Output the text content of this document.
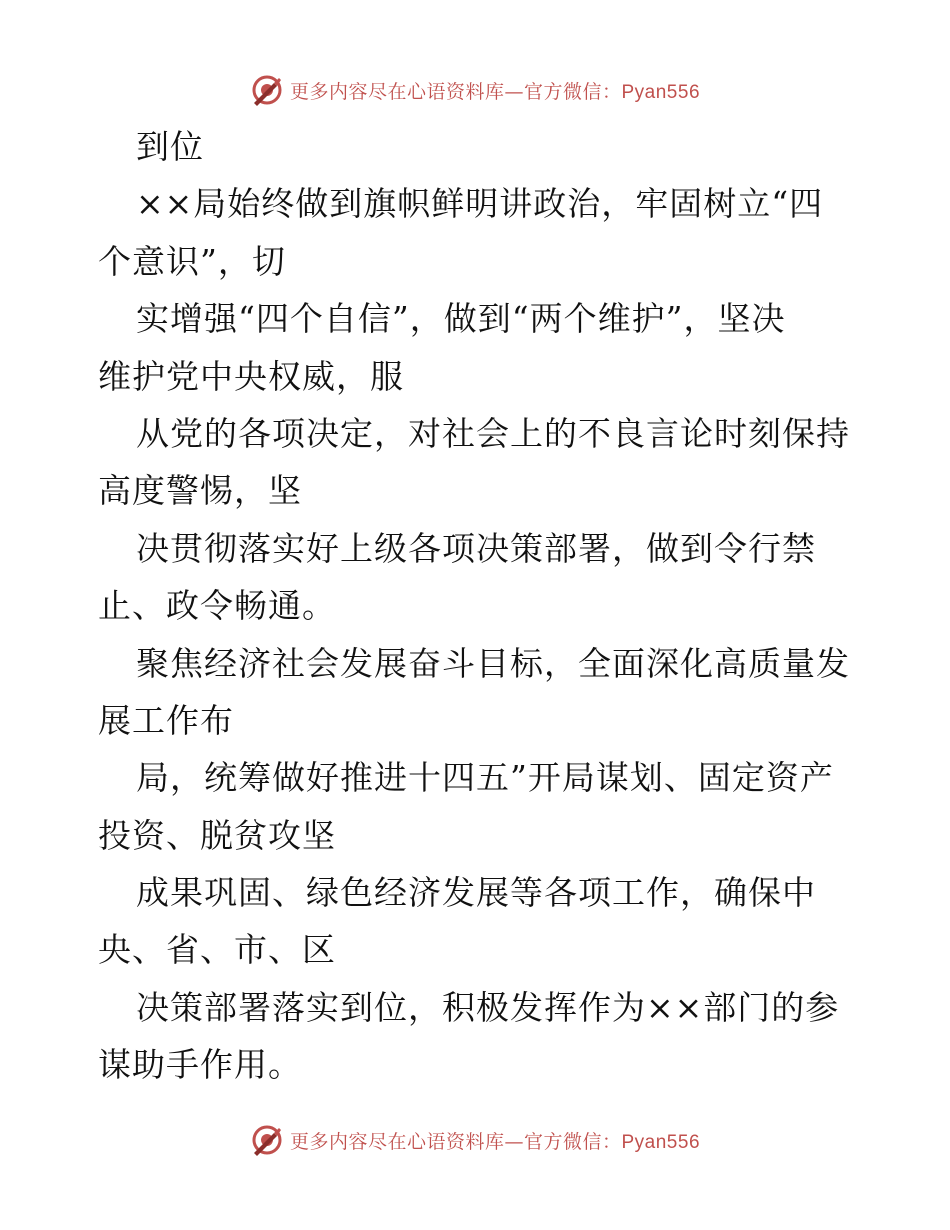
更多内容尽在心语资料库—官方微信：Pyan556
到位
××局始终做到旗帜鲜明讲政治，牢固树立“四
个意识”，切
实增强“四个自信”，做到“两个维护”，坚决
维护党中央权威，服
从党的各项决定，对社会上的不良言论时刻保持
高度警惕，坚
决贯彻落实好上级各项决策部署，做到令行禁
止、政令畅通。
聚焦经济社会发展奋斗目标，全面深化高质量发
展工作布
局，统筹做好推进十四五”开局谋划、固定资产
投资、脱贫攻坚
成果巩固、绿色经济发展等各项工作，确保中
央、省、市、区
决策部署落实到位，积极发挥作为××部门的参
谋助手作用。
更多内容尽在心语资料库—官方微信：Pyan556
